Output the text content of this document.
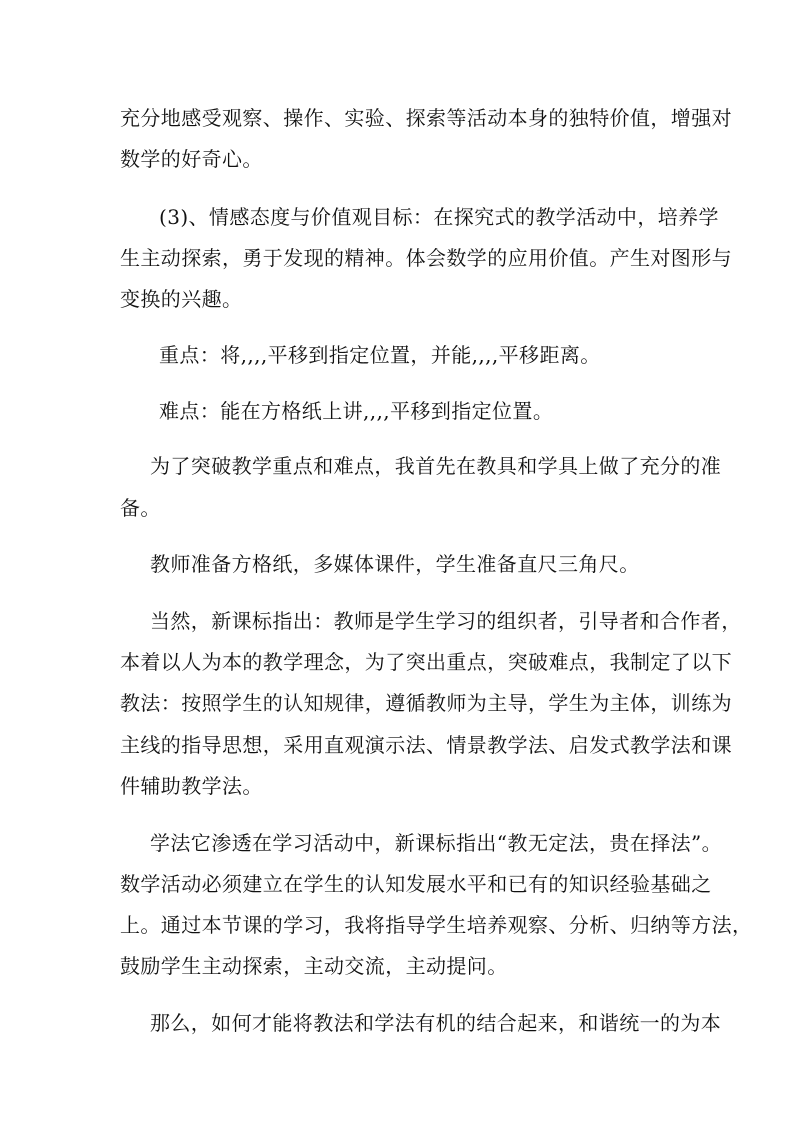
充分地感受观察、操作、实验、探索等活动本身的独特价值，增强对
数学的好奇心。
(3)、情感态度与价值观目标：在探究式的教学活动中，培养学
生主动探索，勇于发现的精神。体会数学的应用价值。产生对图形与
变换的兴趣。
重点：将,,,,平移到指定位置，并能,,,,平移距离。
难点：能在方格纸上讲,,,,平移到指定位置。
为了突破教学重点和难点，我首先在教具和学具上做了充分的准
备。
教师准备方格纸，多媒体课件，学生准备直尺三角尺。
当然，新课标指出：教师是学生学习的组织者，引导者和合作者，
本着以人为本的教学理念，为了突出重点，突破难点，我制定了以下
教法：按照学生的认知规律，遵循教师为主导，学生为主体，训练为
主线的指导思想，采用直观演示法、情景教学法、启发式教学法和课
件辅助教学法。
学法它渗透在学习活动中，新课标指出“教无定法，贵在择法”。
数学活动必须建立在学生的认知发展水平和已有的知识经验基础之
上。通过本节课的学习，我将指导学生培养观察、分析、归纳等方法，
鼓励学生主动探索，主动交流，主动提问。
那么，如何才能将教法和学法有机的结合起来，和谐统一的为本
